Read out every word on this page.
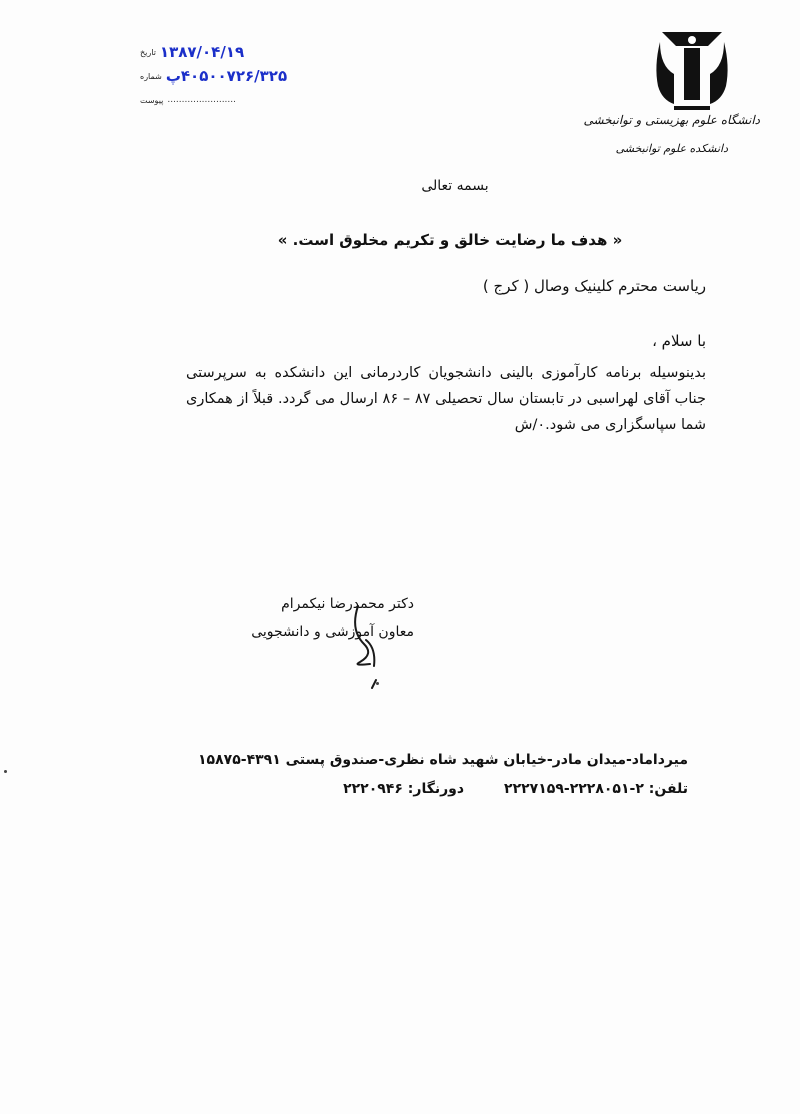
دانشگاه علوم بهزیستی و توانبخشی
دانشکده علوم توانبخشی
تاریخ ۱۳۸۷/۰۴/۱۹
شماره ۴۰۵۰۰۷۲۶/۳۲۵پ
پیوست ........................
بسمه تعالی
« هدف ما رضایت خالق و تکریم مخلوق است. »
ریاست محترم کلینیک وصال ( کرج )
با سلام ،
بدینوسیله برنامه کارآموزی بالینی دانشجویان کاردرمانی این دانشکده به سرپرستی جناب آقای لهراسبی در تابستان سال تحصیلی ۸۷ – ۸۶ ارسال می گردد. قبلاً از همکاری شما سپاسگزاری می شود.۰/ش
دکتر محمدرضا نیکمرام
معاون آموزشی و دانشجویی
میرداماد-میدان مادر-خیابان شهید شاه نظری-صندوق پستی ۴۳۹۱-۱۵۸۷۵
تلفن: ۲-۲۲۲۸۰۵۱-۲۲۲۷۱۵۹
دورنگار: ۲۲۲۰۹۴۶
